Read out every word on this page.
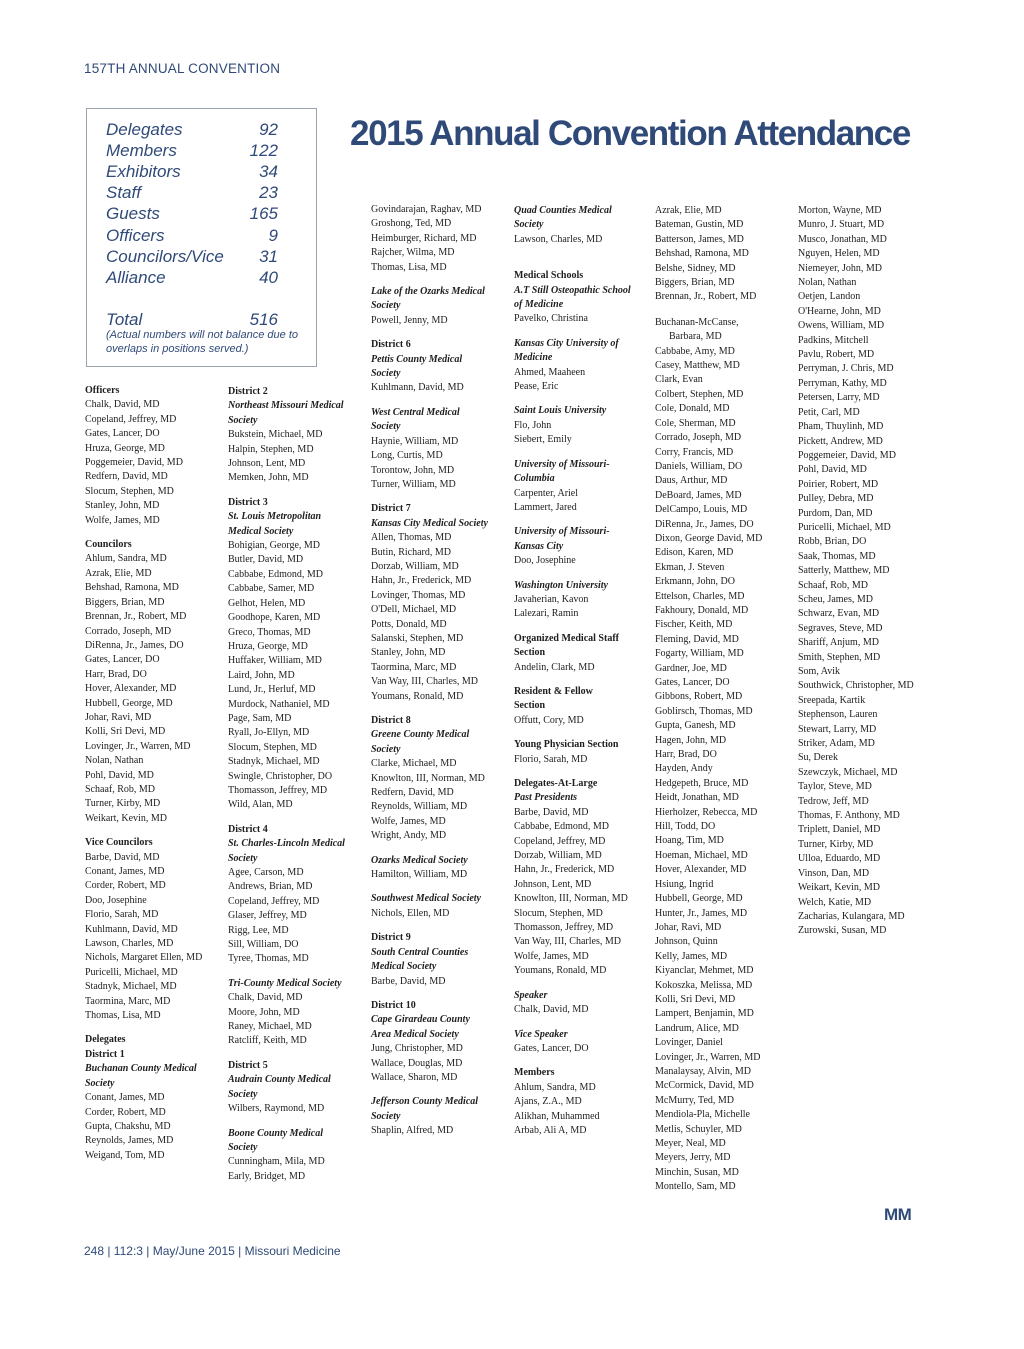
157TH ANNUAL CONVENTION
Delegates	92
Members	122
Exhibitors	34
Staff	23
Guests	165
Officers	9
Councilors/Vice 31
Alliance	40
Total	516
(Actual numbers will not balance due to overlaps in positions served.)
2015 Annual Convention Attendance
Officers
Chalk, David, MD
Copeland, Jeffrey, MD
Gates, Lancer, DO
Hruza, George, MD
Poggemeier, David, MD
Redfern, David, MD
Slocum, Stephen, MD
Stanley, John, MD
Wolfe, James, MD
Councilors
Ahlum, Sandra, MD
Azrak, Elie, MD
Behshad, Ramona, MD
Biggers, Brian, MD
Brennan, Jr., Robert, MD
Corrado, Joseph, MD
DiRenna, Jr., James, DO
Gates, Lancer, DO
Harr, Brad, DO
Hover, Alexander, MD
Hubbell, George, MD
Johar, Ravi, MD
Kolli, Sri Devi, MD
Lovinger, Jr., Warren, MD
Nolan, Nathan
Pohl, David, MD
Schaaf, Rob, MD
Turner, Kirby, MD
Weikart, Kevin, MD
Vice Councilors
Barbe, David, MD
Conant, James, MD
Corder, Robert, MD
Doo, Josephine
Florio, Sarah, MD
Kuhlmann, David, MD
Lawson, Charles, MD
Nichols, Margaret Ellen, MD
Puricelli, Michael, MD
Stadnyk, Michael, MD
Taormina, Marc, MD
Thomas, Lisa, MD
Delegates
District 1
Buchanan County Medical
Society
Conant, James, MD
Corder, Robert, MD
Gupta, Chakshu, MD
Reynolds, James, MD
Weigand, Tom, MD
District 2
Northeast Missouri Medical
Society
Bukstein, Michael, MD
Halpin, Stephen, MD
Johnson, Lent, MD
Memken, John, MD
District 3
St. Louis Metropolitan
Medical Society
Bohigian, George, MD
Butler, David, MD
Cabbabe, Edmond, MD
Cabbabe, Samer, MD
Gelhot, Helen, MD
Goodhope, Karen, MD
Greco, Thomas, MD
Hruza, George, MD
Huffaker, William, MD
Laird, John, MD
Lund, Jr., Herluf, MD
Murdock, Nathaniel, MD
Page, Sam, MD
Ryall, Jo-Ellyn, MD
Slocum, Stephen, MD
Stadnyk, Michael, MD
Swingle, Christopher, DO
Thomasson, Jeffrey, MD
Wild, Alan, MD
District 4
St. Charles-Lincoln Medical
Society
Agee, Carson, MD
Andrews, Brian, MD
Copeland, Jeffrey, MD
Glaser, Jeffrey, MD
Rigg, Lee, MD
Sill, William, DO
Tyree, Thomas, MD
Tri-County Medical Society
Chalk, David, MD
Moore, John, MD
Raney, Michael, MD
Ratcliff, Keith, MD
District 5
Audrain County Medical
Society
Wilbers, Raymond, MD
Boone County Medical
Society
Cunningham, Mila, MD
Early, Bridget, MD
Govindarajan, Raghav, MD
Groshong, Ted, MD
Heimburger, Richard, MD
Rajcher, Wilma, MD
Thomas, Lisa, MD
Lake of the Ozarks Medical
Society
Powell, Jenny, MD
District 6
Pettis County Medical
Society
Kuhlmann, David, MD
West Central Medical
Society
Haynie, William, MD
Long, Curtis, MD
Torontow, John, MD
Turner, William, MD
District 7
Kansas City Medical Society
Allen, Thomas, MD
Butin, Richard, MD
Dorzab, William, MD
Hahn, Jr., Frederick, MD
Lovinger, Thomas, MD
O'Dell, Michael, MD
Potts, Donald, MD
Salanski, Stephen, MD
Stanley, John, MD
Taormina, Marc, MD
Van Way, III, Charles, MD
Youmans, Ronald, MD
District 8
Greene County Medical
Society
Clarke, Michael, MD
Knowlton, III, Norman, MD
Redfern, David, MD
Reynolds, William, MD
Wolfe, James, MD
Wright, Andy, MD
Ozarks Medical Society
Hamilton, William, MD
Southwest Medical Society
Nichols, Ellen, MD
District 9
South Central Counties
Medical Society
Barbe, David, MD
District 10
Cape Girardeau County
Area Medical Society
Jung, Christopher, MD
Wallace, Douglas, MD
Wallace, Sharon, MD
Jefferson County Medical
Society
Shaplin, Alfred, MD
Quad Counties Medical
Society
Lawson, Charles, MD
Medical Schools
A.T Still Osteopathic School
of Medicine
Pavelko, Christina
Kansas City University of
Medicine
Ahmed, Maaheen
Pease, Eric
Saint Louis University
Flo, John
Siebert, Emily
University of Missouri-
Columbia
Carpenter, Ariel
Lammert, Jared
University of Missouri-
Kansas City
Doo, Josephine
Washington University
Javaherian, Kavon
Lalezari, Ramin
Organized Medical Staff
Section
Andelin, Clark, MD
Resident & Fellow
Section
Offutt, Cory, MD
Young Physician Section
Florio, Sarah, MD
Delegates-At-Large
Past Presidents
Barbe, David, MD
Cabbabe, Edmond, MD
Copeland, Jeffrey, MD
Dorzab, William, MD
Hahn, Jr., Frederick, MD
Johnson, Lent, MD
Knowlton, III, Norman, MD
Slocum, Stephen, MD
Thomasson, Jeffrey, MD
Van Way, III, Charles, MD
Wolfe, James, MD
Youmans, Ronald, MD
Speaker
Chalk, David, MD
Vice Speaker
Gates, Lancer, DO
Members
Ahlum, Sandra, MD
Ajans, Z.A., MD
Alikhan, Muhammed
Arbab, Ali A, MD
Azrak, Elie, MD
Bateman, Gustin, MD
Batterson, James, MD
Behshad, Ramona, MD
Belshe, Sidney, MD
Biggers, Brian, MD
Brennan, Jr., Robert, MD
Buchanan-McCanse,
Barbara, MD
Cabbabe, Amy, MD
Casey, Matthew, MD
Clark, Evan
Colbert, Stephen, MD
Cole, Donald, MD
Cole, Sherman, MD
Corrado, Joseph, MD
Corry, Francis, MD
Daniels, William, DO
Daus, Arthur, MD
DeBoard, James, MD
DelCampo, Louis, MD
DiRenna, Jr., James, DO
Dixon, George David, MD
Edison, Karen, MD
Ekman, J. Steven
Erkmann, John, DO
Ettelson, Charles, MD
Fakhoury, Donald, MD
Fischer, Keith, MD
Fleming, David, MD
Fogarty, William, MD
Gardner, Joe, MD
Gates, Lancer, DO
Gibbons, Robert, MD
Goblirsch, Thomas, MD
Gupta, Ganesh, MD
Hagen, John, MD
Harr, Brad, DO
Hayden, Andy
Hedgepeth, Bruce, MD
Heidt, Jonathan, MD
Hierholzer, Rebecca, MD
Hill, Todd, DO
Hoang, Tim, MD
Hoeman, Michael, MD
Hover, Alexander, MD
Hsiung, Ingrid
Hubbell, George, MD
Hunter, Jr., James, MD
Johar, Ravi, MD
Johnson, Quinn
Kelly, James, MD
Kiyanclar, Mehmet, MD
Kokoszka, Melissa, MD
Kolli, Sri Devi, MD
Lampert, Benjamin, MD
Landrum, Alice, MD
Lovinger, Daniel
Lovinger, Jr., Warren, MD
Manalaysay, Alvin, MD
McCormick, David, MD
McMurry, Ted, MD
Mendiola-Pla, Michelle
Metlis, Schuyler, MD
Meyer, Neal, MD
Meyers, Jerry, MD
Minchin, Susan, MD
Montello, Sam, MD
Morton, Wayne, MD
Munro, J. Stuart, MD
Musco, Jonathan, MD
Nguyen, Helen, MD
Niemeyer, John, MD
Nolan, Nathan
Oetjen, Landon
O'Hearne, John, MD
Owens, William, MD
Padkins, Mitchell
Pavlu, Robert, MD
Perryman, J. Chris, MD
Perryman, Kathy, MD
Petersen, Larry, MD
Petit, Carl, MD
Pham, Thuylinh, MD
Pickett, Andrew, MD
Poggemeier, David, MD
Pohl, David, MD
Poirier, Robert, MD
Pulley, Debra, MD
Purdom, Dan, MD
Puricelli, Michael, MD
Robb, Brian, DO
Saak, Thomas, MD
Satterly, Matthew, MD
Schaaf, Rob, MD
Scheu, James, MD
Schwarz, Evan, MD
Segraves, Steve, MD
Shariff, Anjum, MD
Smith, Stephen, MD
Som, Avik
Southwick, Christopher, MD
Sreepada, Kartik
Stephenson, Lauren
Stewart, Larry, MD
Striker, Adam, MD
Su, Derek
Szewczyk, Michael, MD
Taylor, Steve, MD
Tedrow, Jeff, MD
Thomas, F. Anthony, MD
Triplett, Daniel, MD
Turner, Kirby, MD
Ulloa, Eduardo, MD
Vinson, Dan, MD
Weikart, Kevin, MD
Welch, Katie, MD
Zacharias, Kulangara, MD
Zurowski, Susan, MD
MM
248 | 112:3 | May/June 2015 | Missouri Medicine
